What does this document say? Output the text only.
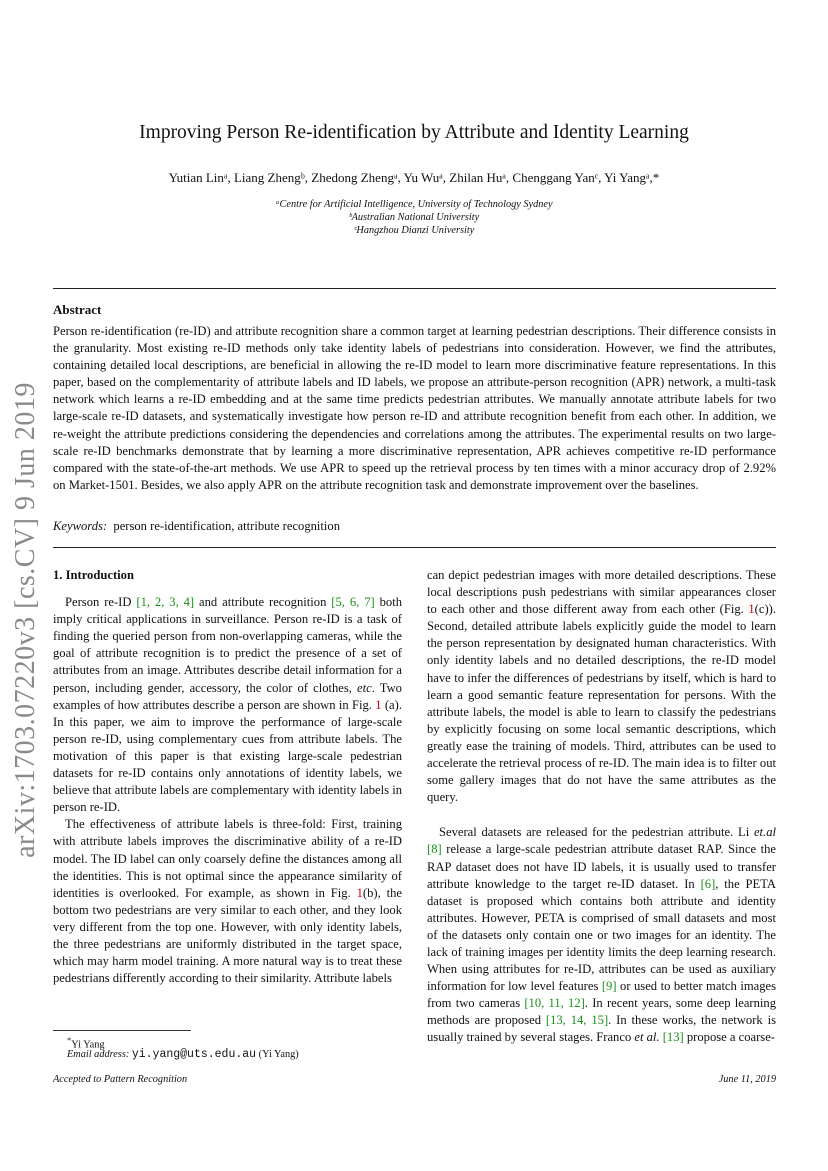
arXiv:1703.07220v3 [cs.CV] 9 Jun 2019
Improving Person Re-identification by Attribute and Identity Learning
Yutian Linᵃ, Liang Zhengᵇ, Zhedong Zhengᵃ, Yu Wuᵃ, Zhilan Huᵃ, Chenggang Yanᶜ, Yi Yangᵃ,*
ᵃCentre for Artificial Intelligence, University of Technology Sydney
ᵇAustralian National University
ᶜHangzhou Dianzi University
Abstract
Person re-identification (re-ID) and attribute recognition share a common target at learning pedestrian descriptions. Their difference consists in the granularity. Most existing re-ID methods only take identity labels of pedestrians into consideration. However, we find the attributes, containing detailed local descriptions, are beneficial in allowing the re-ID model to learn more discriminative feature representations. In this paper, based on the complementarity of attribute labels and ID labels, we propose an attribute-person recognition (APR) network, a multi-task network which learns a re-ID embedding and at the same time predicts pedestrian attributes. We manually annotate attribute labels for two large-scale re-ID datasets, and systematically investigate how person re-ID and attribute recognition benefit from each other. In addition, we re-weight the attribute predictions considering the dependencies and correlations among the attributes. The experimental results on two large-scale re-ID benchmarks demonstrate that by learning a more discriminative representation, APR achieves competitive re-ID performance compared with the state-of-the-art methods. We use APR to speed up the retrieval process by ten times with a minor accuracy drop of 2.92% on Market-1501. Besides, we also apply APR on the attribute recognition task and demonstrate improvement over the baselines.
Keywords: person re-identification, attribute recognition
1. Introduction

Person re-ID [1, 2, 3, 4] and attribute recognition [5, 6, 7] both imply critical applications in surveillance. Person re-ID is a task of finding the queried person from non-overlapping cameras, while the goal of attribute recognition is to predict the presence of a set of attributes from an image. Attributes describe detail information for a person, including gender, accessory, the color of clothes, etc. Two examples of how attributes describe a person are shown in Fig. 1 (a). In this paper, we aim to improve the performance of large-scale person re-ID, using complementary cues from attribute labels. The motivation of this paper is that existing large-scale pedestrian datasets for re-ID contains only annotations of identity labels, we believe that attribute labels are complementary with identity labels in person re-ID.

The effectiveness of attribute labels is three-fold: First, training with attribute labels improves the discriminative ability of a re-ID model. The ID label can only coarsely define the distances among all the identities. This is not optimal since the appearance similarity of identities is overlooked. For example, as shown in Fig. 1(b), the bottom two pedestrians are very similar to each other, and they look very different from the top one. However, with only identity labels, the three pedestrians are uniformly distributed in the target space, which may harm model training. A more natural way is to treat these pedestrians differently according to their similarity. Attribute labels

can depict pedestrian images with more detailed descriptions. These local descriptions push pedestrians with similar appearances closer to each other and those different away from each other (Fig. 1(c)). Second, detailed attribute labels explicitly guide the model to learn the person representation by designated human characteristics. With only identity labels and no detailed descriptions, the re-ID model have to infer the differences of pedestrians by itself, which is hard to learn a good semantic feature representation for persons. With the attribute labels, the model is able to learn to classify the pedestrians by explicitly focusing on some local semantic descriptions, which greatly ease the training of models. Third, attributes can be used to accelerate the retrieval process of re-ID. The main idea is to filter out some gallery images that do not have the same attributes as the query.

Several datasets are released for the pedestrian attribute. Li et.al [8] release a large-scale pedestrian attribute dataset RAP. Since the RAP dataset does not have ID labels, it is usually used to transfer attribute knowledge to the target re-ID dataset. In [6], the PETA dataset is proposed which contains both attribute and identity attributes. However, PETA is comprised of small datasets and most of the datasets only contain one or two images for an identity. The lack of training images per identity limits the deep learning research. When using attributes for re-ID, attributes can be used as auxiliary information for low level features [9] or used to better match images from two cameras [10, 11, 12]. In recent years, some deep learning methods are proposed [13, 14, 15]. In these works, the network is usually trained by several stages. Franco et al. [13] propose a coarse-

*Yi Yang
Email address: yi.yang@uts.edu.au (Yi Yang)
Accepted to Pattern Recognition	June 11, 2019
